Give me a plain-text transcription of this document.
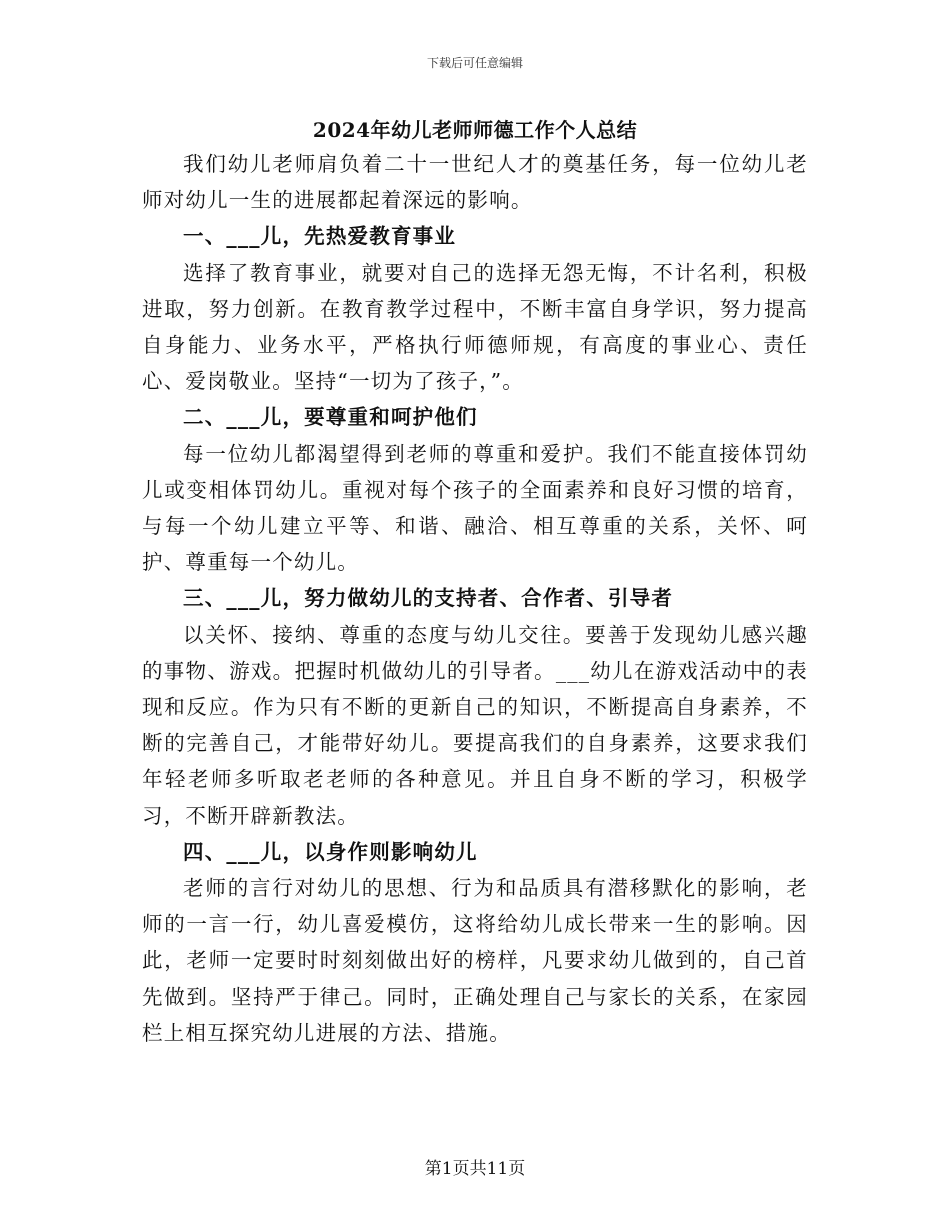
下载后可任意编辑
2024年幼儿老师师德工作个人总结

我们幼儿老师肩负着二十一世纪人才的奠基任务，每一位幼儿老师对幼儿一生的进展都起着深远的影响。

一、___儿，先热爱教育事业

选择了教育事业，就要对自己的选择无怨无悔，不计名利，积极进取，努力创新。在教育教学过程中，不断丰富自身学识，努力提高自身能力、业务水平，严格执行师德师规，有高度的事业心、责任心、爱岗敬业。坚持“一切为了孩子，”。

二、___儿，要尊重和呵护他们

每一位幼儿都渴望得到老师的尊重和爱护。我们不能直接体罚幼儿或变相体罚幼儿。重视对每个孩子的全面素养和良好习惯的培育，与每一个幼儿建立平等、和谐、融洽、相互尊重的关系，关怀、呵护、尊重每一个幼儿。

三、___儿，努力做幼儿的支持者、合作者、引导者

以关怀、接纳、尊重的态度与幼儿交往。要善于发现幼儿感兴趣的事物、游戏。把握时机做幼儿的引导者。___幼儿在游戏活动中的表现和反应。作为只有不断的更新自己的知识，不断提高自身素养，不断的完善自己，才能带好幼儿。要提高我们的自身素养，这要求我们年轻老师多听取老老师的各种意见。并且自身不断的学习，积极学习，不断开辟新教法。

四、___儿，以身作则影响幼儿

老师的言行对幼儿的思想、行为和品质具有潜移默化的影响，老师的一言一行，幼儿喜爱模仿，这将给幼儿成长带来一生的影响。因此，老师一定要时时刻刻做出好的榜样，凡要求幼儿做到的，自己首先做到。坚持严于律己。同时，正确处理自己与家长的关系，在家园栏上相互探究幼儿进展的方法、措施。

第1页共11页
